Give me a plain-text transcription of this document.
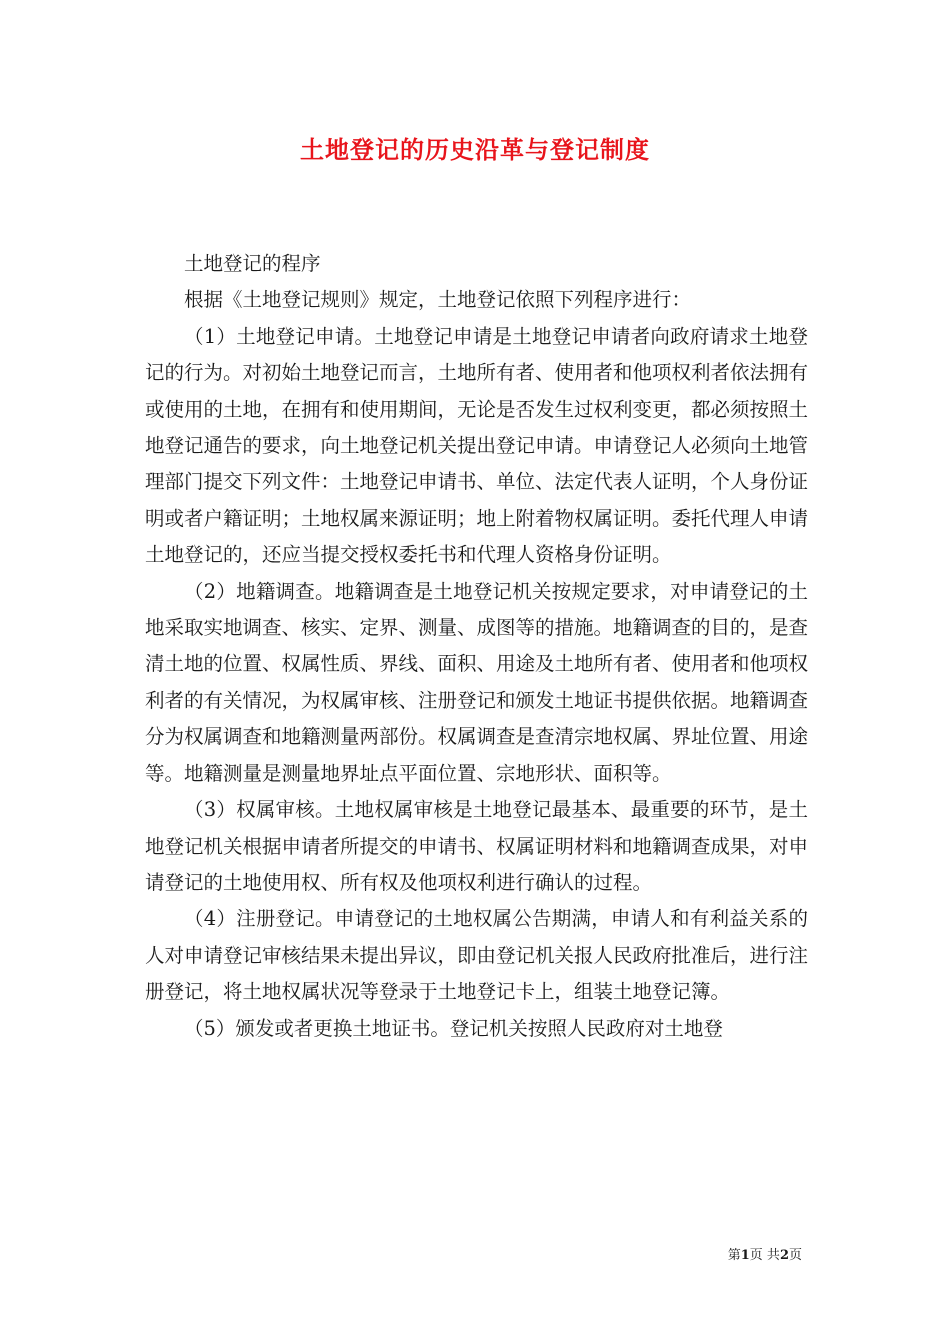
土地登记的历史沿革与登记制度

土地登记的程序

根据《土地登记规则》规定，土地登记依照下列程序进行：

（1）土地登记申请。土地登记申请是土地登记申请者向政府请求土地登记的行为。对初始土地登记而言，土地所有者、使用者和他项权利者依法拥有或使用的土地，在拥有和使用期间，无论是否发生过权利变更，都必须按照土地登记通告的要求，向土地登记机关提出登记申请。申请登记人必须向土地管理部门提交下列文件：土地登记申请书、单位、法定代表人证明，个人身份证明或者户籍证明；土地权属来源证明；地上附着物权属证明。委托代理人申请土地登记的，还应当提交授权委托书和代理人资格身份证明。

（2）地籍调查。地籍调查是土地登记机关按规定要求，对申请登记的土地采取实地调查、核实、定界、测量、成图等的措施。地籍调查的目的，是查清土地的位置、权属性质、界线、面积、用途及土地所有者、使用者和他项权利者的有关情况，为权属审核、注册登记和颁发土地证书提供依据。地籍调查分为权属调查和地籍测量两部份。权属调查是查清宗地权属、界址位置、用途等。地籍测量是测量地界址点平面位置、宗地形状、面积等。

（3）权属审核。土地权属审核是土地登记最基本、最重要的环节，是土地登记机关根据申请者所提交的申请书、权属证明材料和地籍调查成果，对申请登记的土地使用权、所有权及他项权利进行确认的过程。

（4）注册登记。申请登记的土地权属公告期满，申请人和有利益关系的人对申请登记审核结果未提出异议，即由登记机关报人民政府批准后，进行注册登记，将土地权属状况等登录于土地登记卡上，组装土地登记簿。

（5）颁发或者更换土地证书。登记机关按照人民政府对土地登

第1页 共2页
